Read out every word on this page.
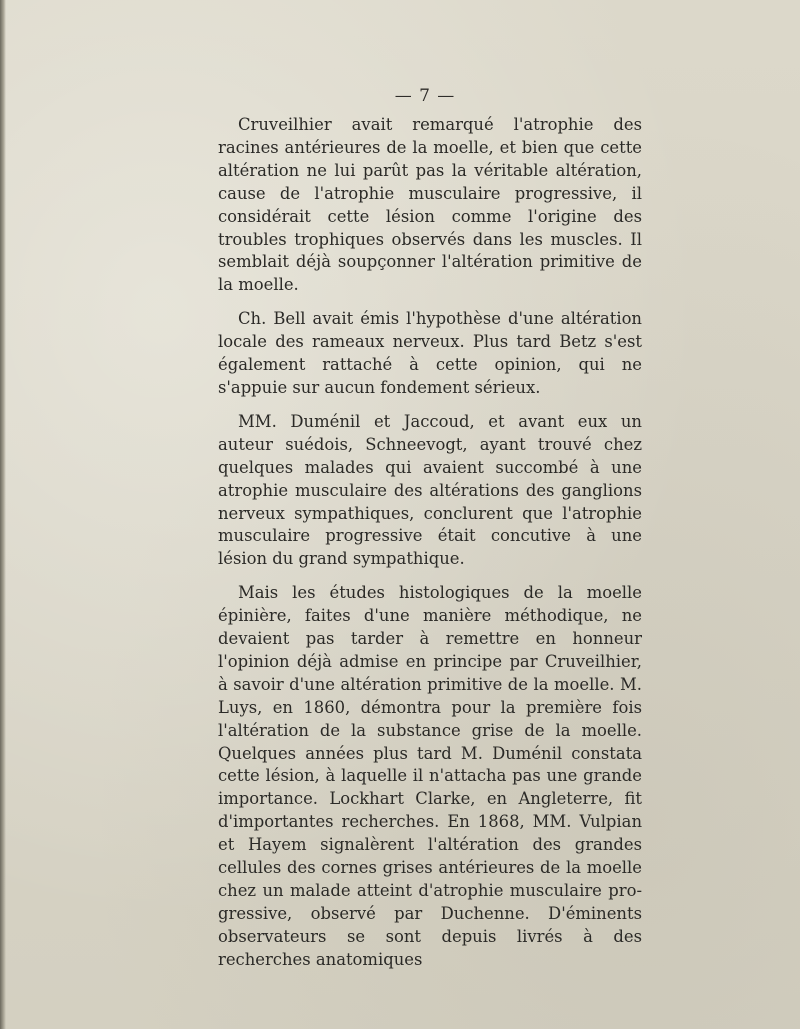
— 7 —

Cruveilhier avait remarqué l'atrophie des racines antérieures de la moelle, et bien que cette altération ne lui parût pas la véritable altération, cause de l'atrophie musculaire progressive, il considérait cette lésion comme l'origine des troubles trophiques observés dans les muscles. Il semblait déjà soupçonner l'altération primitive de la moelle.

Ch. Bell avait émis l'hypothèse d'une altération locale des rameaux nerveux. Plus tard Betz s'est également rattaché à cette opinion, qui ne s'appuie sur aucun fondement sérieux.

MM. Duménil et Jaccoud, et avant eux un auteur suédois, Schneevogt, ayant trouvé chez quelques malades qui avaient succombé à une atrophie musculaire des altérations des ganglions nerveux sympathiques, conclurent que l'atrophie musculaire progressive était concutive à une lésion du grand sympathique.

Mais les études histologiques de la moelle épinière, faites d'une manière méthodique, ne devaient pas tarder à remettre en honneur l'opinion déjà admise en principe par Cruveilhier, à savoir d'une altération primitive de la moelle. M. Luys, en 1860, démontra pour la première fois l'altération de la substance grise de la moelle. Quelques années plus tard M. Duménil constata cette lésion, à laquelle il n'attacha pas une grande importance. Lockhart Clarke, en Angleterre, fit d'importantes recherches. En 1868, MM. Vulpian et Hayem signalèrent l'altération des grandes cellules des cornes grises antérieures de la moelle chez un malade atteint d'atrophie musculaire progressive, observé par Duchenne. D'éminents observateurs se sont depuis livrés à des recherches anatomiques
